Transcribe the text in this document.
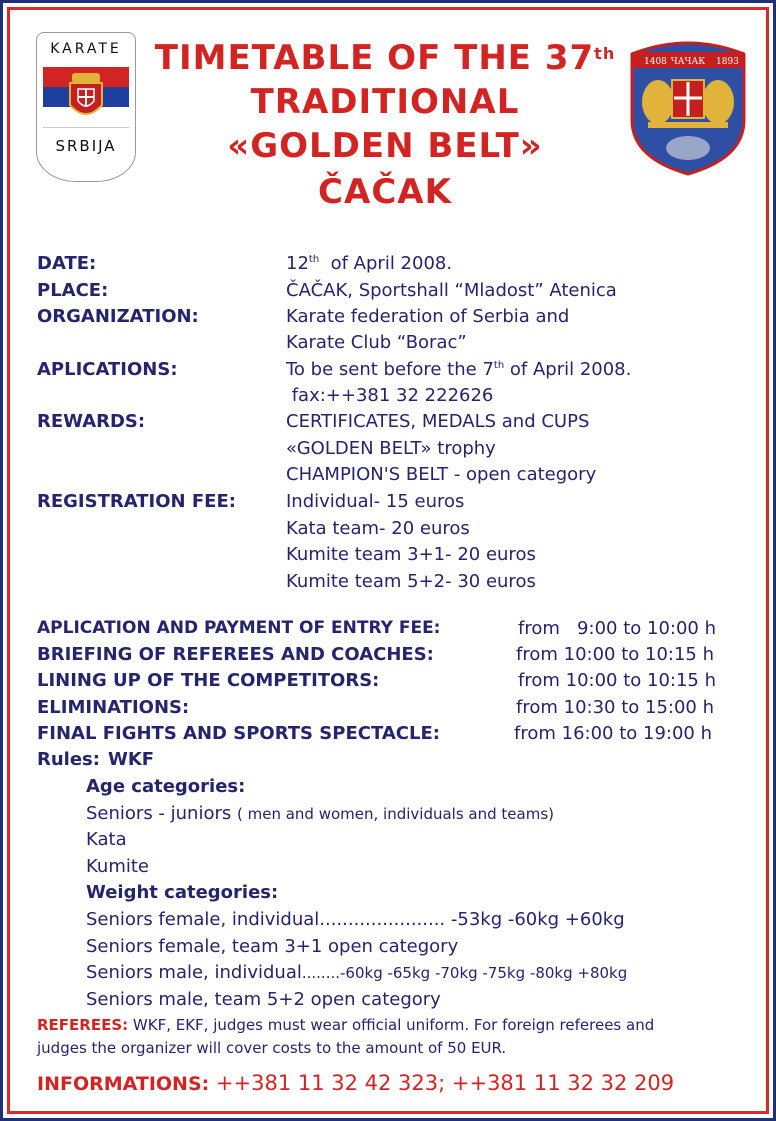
KARATE
SRBIJA
1408 ЧАЧАК 1893
TIMETABLE OF THE 37th
TRADITIONAL
«GOLDEN BELT»
ČAČAK
DATE:	12th  of April 2008.
PLACE:	ČAČAK, Sportshall “Mladost” Atenica
ORGANIZATION:	Karate federation of Serbia and
Karate Club “Borac”
APLICATIONS:	To be sent before the 7th of April 2008.
fax:++381 32 222626
REWARDS:	CERTIFICATES, MEDALS and CUPS
«GOLDEN BELT» trophy
CHAMPION'S BELT - open category
REGISTRATION FEE:	Individual- 15 euros
Kata team- 20 euros
Kumite team 3+1- 20 euros
Kumite team 5+2- 30 euros
APLICATION AND PAYMENT OF ENTRY FEE:	from   9:00 to 10:00 h
BRIEFING OF REFEREES AND COACHES:	from 10:00 to 10:15 h
LINING UP OF THE COMPETITORS:	from 10:00 to 10:15 h
ELIMINATIONS:	from 10:30 to 15:00 h
FINAL FIGHTS AND SPORTS SPECTACLE:	from 16:00 to 19:00 h
Rules: WKF
Age categories:
Seniors - juniors ( men and women, individuals and teams)
Kata
Kumite
Weight categories:
Seniors female, individual...................... -53kg -60kg +60kg
Seniors female, team 3+1 open category
Seniors male, individual........-60kg -65kg -70kg -75kg -80kg +80kg
Seniors male, team 5+2 open category
REFEREES: WKF, EKF, judges must wear official uniform. For foreign referees and
judges the organizer will cover costs to the amount of 50 EUR.
INFORMATIONS: ++381 11 32 42 323; ++381 11 32 32 209
